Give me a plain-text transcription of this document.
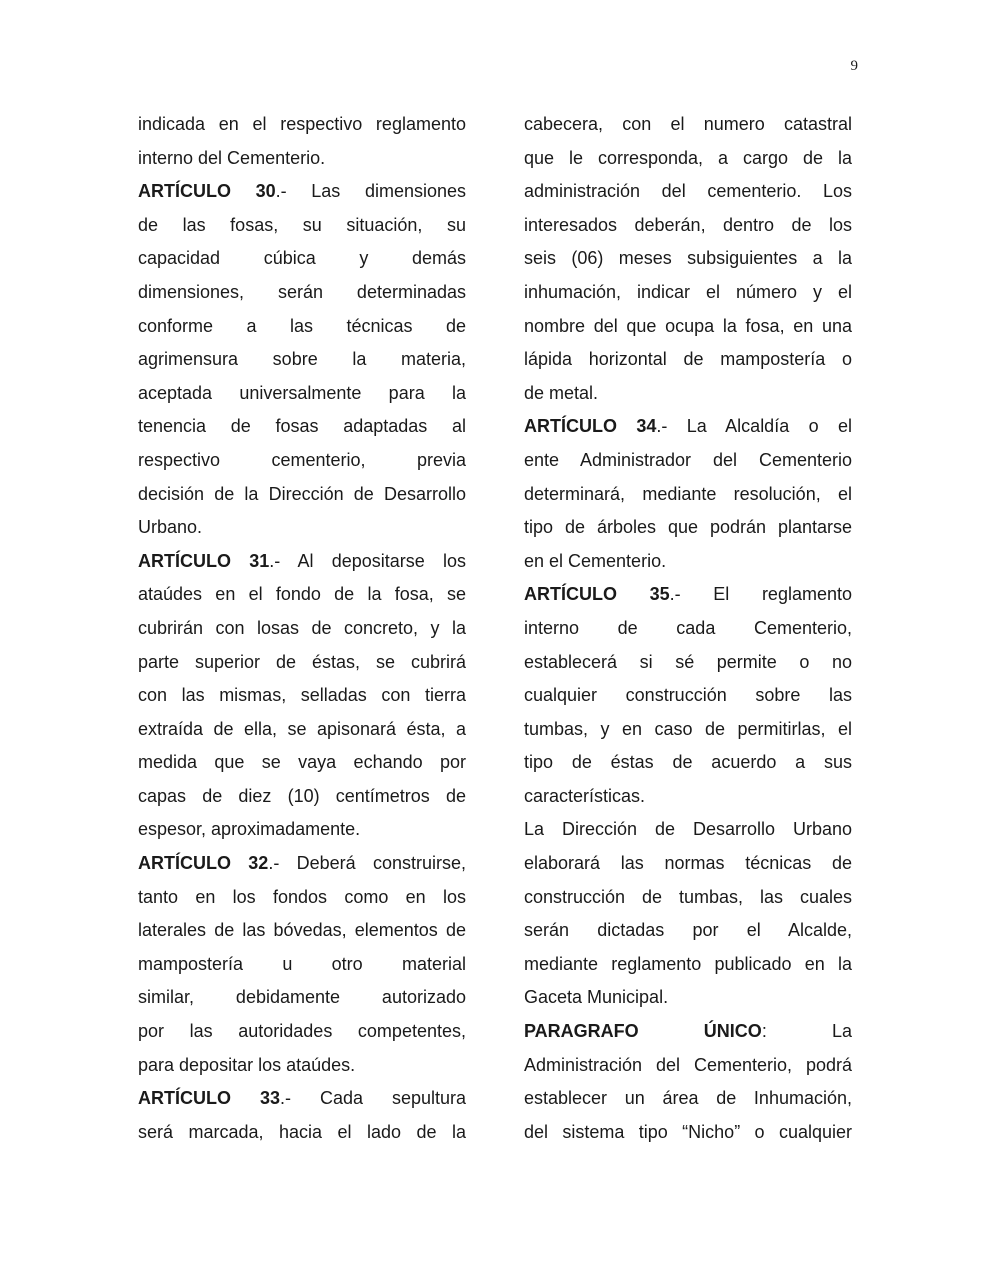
9
indicada en el respectivo reglamento
interno del Cementerio.
ARTÍCULO 30.- Las dimensiones
de las fosas, su situación, su
capacidad cúbica y demás
dimensiones, serán determinadas
conforme a las técnicas de
agrimensura sobre la materia,
aceptada universalmente para la
tenencia de fosas adaptadas al
respectivo cementerio, previa
decisión de la Dirección de Desarrollo
Urbano.
ARTÍCULO 31.- Al depositarse los
ataúdes en el fondo de la fosa, se
cubrirán con losas de concreto, y la
parte superior de éstas, se cubrirá
con las mismas, selladas con tierra
extraída de ella, se apisonará ésta, a
medida que se vaya echando por
capas de diez (10) centímetros de
espesor, aproximadamente.
ARTÍCULO 32.- Deberá construirse,
tanto en los fondos como en los
laterales de las bóvedas, elementos de
mampostería u otro material
similar, debidamente autorizado
por las autoridades competentes,
para depositar los ataúdes.
ARTÍCULO 33.- Cada sepultura
será marcada, hacia el lado de la
cabecera, con el numero catastral
que le corresponda, a cargo de la
administración del cementerio. Los
interesados deberán, dentro de los
seis (06) meses subsiguientes a la
inhumación, indicar el número y el
nombre del que ocupa la fosa, en una
lápida horizontal de mampostería o
de metal.
ARTÍCULO 34.- La Alcaldía o el
ente Administrador del Cementerio
determinará, mediante resolución, el
tipo de árboles que podrán plantarse
en el Cementerio.
ARTÍCULO 35.- El reglamento
interno de cada Cementerio,
establecerá si sé permite o no
cualquier construcción sobre las
tumbas, y en caso de permitirlas, el
tipo de éstas de acuerdo a sus
características.
La Dirección de Desarrollo Urbano
elaborará las normas técnicas de
construcción de tumbas, las cuales
serán dictadas por el Alcalde,
mediante reglamento publicado en la
Gaceta Municipal.
PARAGRAFO ÚNICO: La
Administración del Cementerio, podrá
establecer un área de Inhumación,
del sistema tipo “Nicho” o cualquier
